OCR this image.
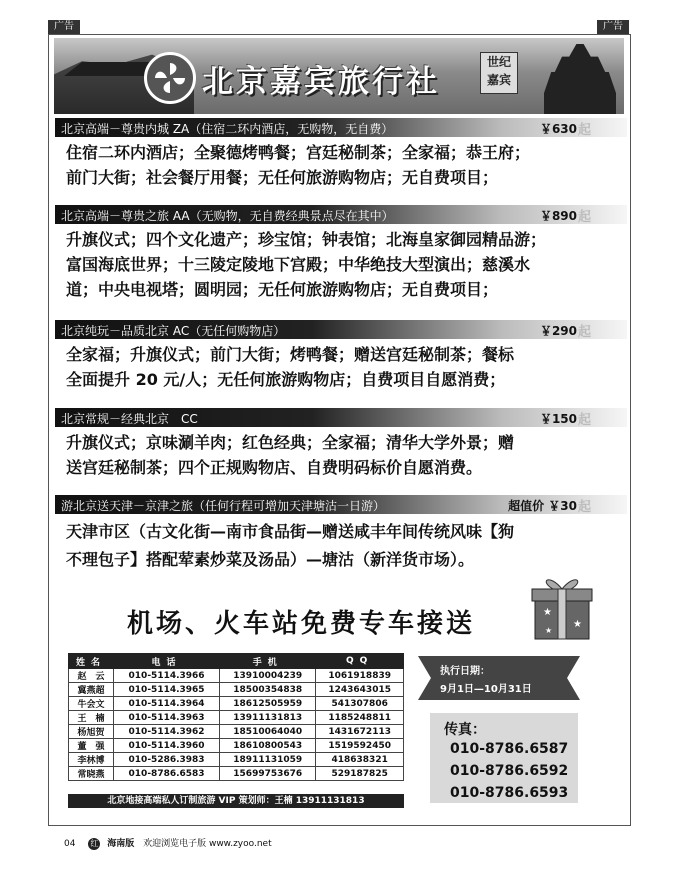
广告	广告
北京嘉宾旅行社
世纪
嘉宾
北京高端－尊贵内城 ZA（住宿二环内酒店，无购物，无自费）	￥630 起
住宿二环内酒店；全聚德烤鸭餐；宫廷秘制茶；全家福；恭王府；
前门大街；社会餐厅用餐；无任何旅游购物店；无自费项目；
北京高端－尊贵之旅 AA（无购物，无自费经典景点尽在其中）	￥890 起
升旗仪式；四个文化遗产；珍宝馆；钟表馆；北海皇家御园精品游；
富国海底世界；十三陵定陵地下宫殿；中华绝技大型演出；慈溪水
道；中央电视塔；圆明园；无任何旅游购物店；无自费项目；
北京纯玩－品质北京 AC（无任何购物店）	￥290 起
全家福；升旗仪式；前门大街；烤鸭餐；赠送宫廷秘制茶；餐标
全面提升 20 元/人；无任何旅游购物店；自费项目自愿消费；
北京常规－经典北京　CC	￥150 起
升旗仪式；京味涮羊肉；红色经典；全家福；清华大学外景；赠
送宫廷秘制茶；四个正规购物店、自费明码标价自愿消费。
游北京送天津－京津之旅（任何行程可增加天津塘沽一日游）	超值价 ￥30 起
天津市区（古文化街—南市食品街—赠送咸丰年间传统风味【狗
不理包子】搭配荤素炒菜及汤品）—塘沽（新洋货市场）。
机场、火车站免费专车接送	★
★
★
姓名	电话	手机	QQ
赵　云	010-5114.3966	13910004239	1061918839
冀燕超	010-5114.3965	18500354838	1243643015
牛会文	010-5114.3964	18612505959	541307806
王　楠	010-5114.3963	13911131813	1185248811
杨旭贺	010-5114.3962	18510064040	1431672113
董　强	010-5114.3960	18610800543	1519592450
李林博	010-5286.3983	18911131059	418638321
常晓燕	010-8786.6583	15699753676	529187825
北京地接高端私人订制旅游 VIP 策划师：王楠 13911131813
执行日期：
9月1日—10月31日
传真：
010-8786.6587
010-8786.6592
010-8786.6593
04 红 海南版 欢迎浏览电子版 www.zyoo.net
